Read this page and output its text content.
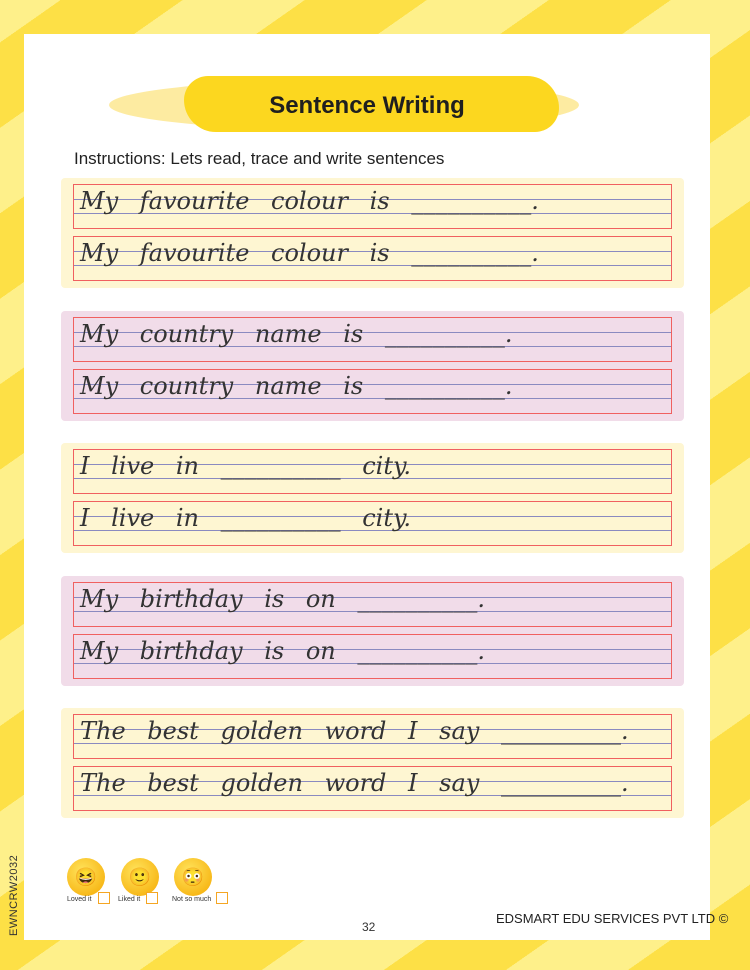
Sentence Writing
Instructions: Lets read, trace and write sentences
My favourite colour is __________.
My favourite colour is __________.
My country name is __________.
My country name is __________.
I live in __________ city.
I live in __________ city.
My birthday is on __________.
My birthday is on __________.
The best golden word I say __________.
The best golden word I say __________.
EWNCRW2032	😆
Loved it
🙂
Liked it
😳
Not so much
32
EDSMART EDU SERVICES PVT LTD ©
